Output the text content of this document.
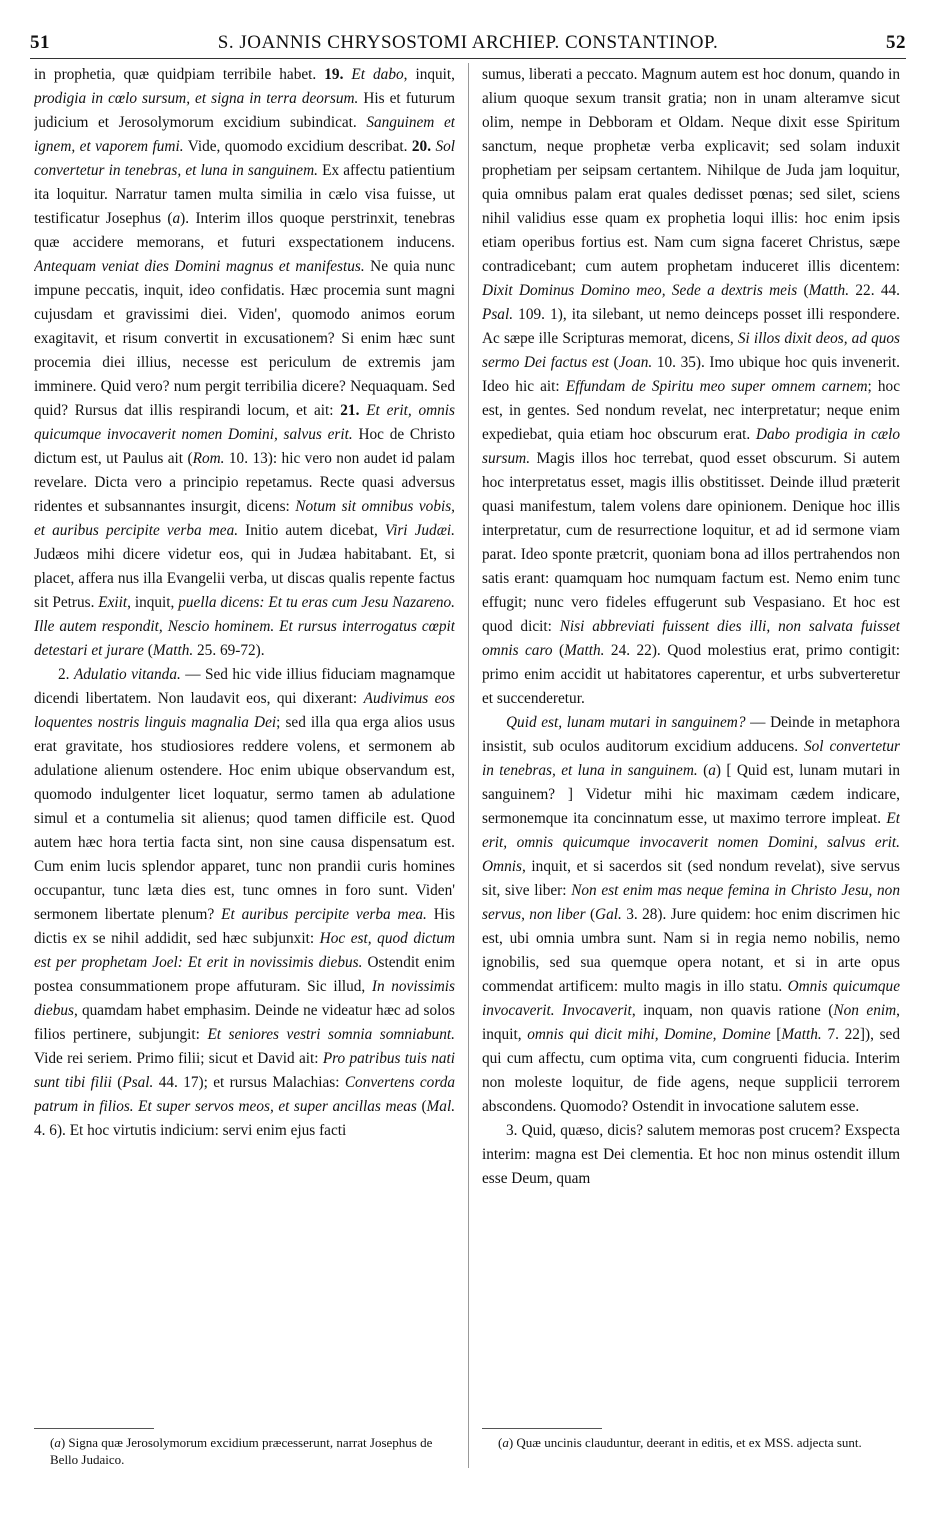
51	S. JOANNIS CHRYSOSTOMI ARCHIEP. CONSTANTINOP.	52

in prophetia, quæ quidpiam terribile habet. 19. Et dabo, inquit, prodigia in cœlo sursum, et signa in terra deorsum. His et futurum judicium et Jerosolymorum excidium subindicat. Sanguinem et ignem, et vaporem fumi. Vide, quomodo excidium describat. 20. Sol convertetur in tenebras, et luna in sanguinem. Ex affectu patientium ita loquitur. Narratur tamen multa similia in cælo visa fuisse, ut testificatur Josephus (a). Interim illos quoque perstrinxit, tenebras quæ accidere memorans, et futuri exspectationem inducens. Antequam veniat dies Domini magnus et manifestus. Ne quia nunc impune peccatis, inquit, ideo confidatis. Hæc procemia sunt magni cujusdam et gravissimi diei. Viden', quomodo animos eorum exagitavit, et risum convertit in excusationem? Si enim hæc sunt procemia diei illius, necesse est periculum de extremis jam imminere. Quid vero? num pergit terribilia dicere? Nequaquam. Sed quid? Rursus dat illis respirandi locum, et ait: 21. Et erit, omnis quicumque invocaverit nomen Domini, salvus erit. Hoc de Christo dictum est, ut Paulus ait (Rom. 10. 13): hic vero non audet id palam revelare. Dicta vero a principio repetamus. Recte quasi adversus ridentes et subsannantes insurgit, dicens: Notum sit omnibus vobis, et auribus percipite verba mea. Initio autem dicebat, Viri Judæi. Judæos mihi dicere videtur eos, qui in Judæa habitabant. Et, si placet, affera nus illa Evangelii verba, ut discas qualis repente factus sit Petrus. Exiit, inquit, puella dicens: Et tu eras cum Jesu Nazareno. Ille autem respondit, Nescio hominem. Et rursus interrogatus cœpit detestari et jurare (Matth. 25. 69-72).

2. Adulatio vitanda. — Sed hic vide illius fiduciam magnamque dicendi libertatem. Non laudavit eos, qui dixerant: Audivimus eos loquentes nostris linguis magnalia Dei; sed illa qua erga alios usus erat gravitate, hos studiosiores reddere volens, et sermonem ab adulatione alienum ostendere. Hoc enim ubique observandum est, quomodo indulgenter licet loquatur, sermo tamen ab adulatione simul et a contumelia sit alienus; quod tamen difficile est. Quod autem hæc hora tertia facta sint, non sine causa dispensatum est. Cum enim lucis splendor apparet, tunc non prandii curis homines occupantur, tunc læta dies est, tunc omnes in foro sunt. Viden' sermonem libertate plenum? Et auribus percipite verba mea. His dictis ex se nihil addidit, sed hæc subjunxit: Hoc est, quod dictum est per prophetam Joel: Et erit in novissimis diebus. Ostendit enim postea consummationem prope affuturam. Sic illud, In novissimis diebus, quamdam habet emphasim. Deinde ne videatur hæc ad solos filios pertinere, subjungit: Et seniores vestri somnia somniabunt. Vide rei seriem. Primo filii; sicut et David ait: Pro patribus tuis nati sunt tibi filii (Psal. 44. 17); et rursus Malachias: Convertens corda patrum in filios. Et super servos meos, et super ancillas meas (Mal. 4. 6). Et hoc virtutis indicium: servi enim ejus facti

sumus, liberati a peccato. Magnum autem est hoc donum, quando in alium quoque sexum transit gratia; non in unam alteramve sicut olim, nempe in Debboram et Oldam. Neque dixit esse Spiritum sanctum, neque prophetæ verba explicavit; sed solam induxit prophetiam per seipsam certantem. Nihilque de Juda jam loquitur, quia omnibus palam erat quales dedisset pœnas; sed silet, sciens nihil validius esse quam ex prophetia loqui illis: hoc enim ipsis etiam operibus fortius est. Nam cum signa faceret Christus, sæpe contradicebant; cum autem prophetam induceret illis dicentem: Dixit Dominus Domino meo, Sede a dextris meis (Matth. 22. 44. Psal. 109. 1), ita silebant, ut nemo deinceps posset illi respondere. Ac sæpe ille Scripturas memorat, dicens, Si illos dixit deos, ad quos sermo Dei factus est (Joan. 10. 35). Imo ubique hoc quis invenerit. Ideo hic ait: Effundam de Spiritu meo super omnem carnem; hoc est, in gentes. Sed nondum revelat, nec interpretatur; neque enim expediebat, quia etiam hoc obscurum erat. Dabo prodigia in cælo sursum. Magis illos hoc terrebat, quod esset obscurum. Si autem hoc interpretatus esset, magis illis obstitisset. Deinde illud præterit quasi manifestum, talem volens dare opinionem. Denique hoc illis interpretatur, cum de resurrectione loquitur, et ad id sermone viam parat. Ideo sponte prætcrit, quoniam bona ad illos pertrahendos non satis erant: quamquam hoc numquam factum est. Nemo enim tunc effugit; nunc vero fideles effugerunt sub Vespasiano. Et hoc est quod dicit: Nisi abbreviati fuissent dies illi, non salvata fuisset omnis caro (Matth. 24. 22). Quod molestius erat, primo contigit: primo enim accidit ut habitatores caperentur, et urbs subverteretur et succenderetur.

Quid est, lunam mutari in sanguinem? — Deinde in metaphora insistit, sub oculos auditorum excidium adducens. Sol convertetur in tenebras, et luna in sanguinem. (a) [ Quid est, lunam mutari in sanguinem? ] Videtur mihi hic maximam cædem indicare, sermonemque ita concinnatum esse, ut maximo terrore impleat. Et erit, omnis quicumque invocaverit nomen Domini, salvus erit. Omnis, inquit, et si sacerdos sit (sed nondum revelat), sive servus sit, sive liber: Non est enim mas neque femina in Christo Jesu, non servus, non liber (Gal. 3. 28). Jure quidem: hoc enim discrimen hic est, ubi omnia umbra sunt. Nam si in regia nemo nobilis, nemo ignobilis, sed sua quemque opera notant, et si in arte opus commendat artificem: multo magis in illo statu. Omnis quicumque invocaverit. Invocaverit, inquam, non quavis ratione (Non enim, inquit, omnis qui dicit mihi, Domine, Domine [Matth. 7. 22]), sed qui cum affectu, cum optima vita, cum congruenti fiducia. Interim non moleste loquitur, de fide agens, neque supplicii terrorem abscondens. Quomodo? Ostendit in invocatione salutem esse.

3. Quid, quæso, dicis? salutem memoras post crucem? Exspecta interim: magna est Dei clementia. Et hoc non minus ostendit illum esse Deum, quam

(a) Signa quæ Jerosolymorum excidium præcesserunt, narrat Josephus de Bello Judaico.
(a) Quæ uncinis clauduntur, deerant in editis, et ex MSS. adjecta sunt.
